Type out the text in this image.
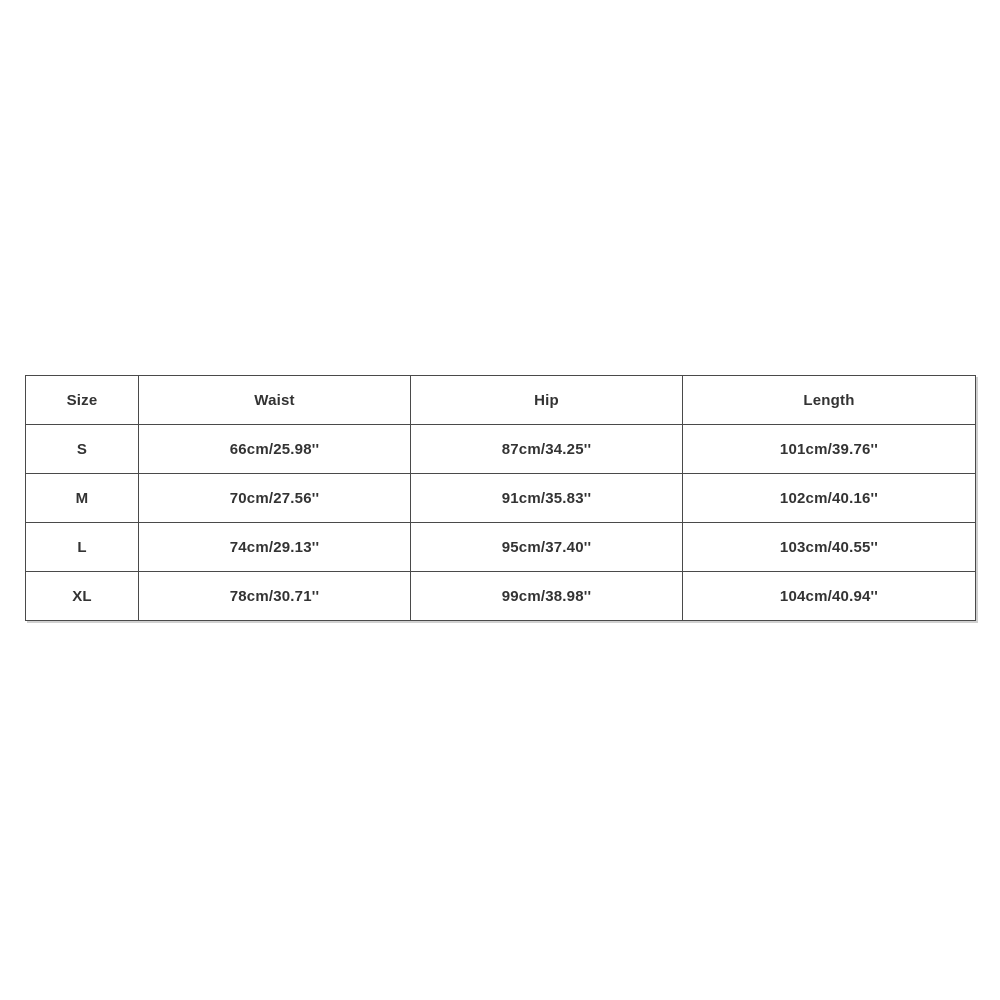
Size	Waist	Hip	Length
S	66cm/25.98''	87cm/34.25''	101cm/39.76''
M	70cm/27.56''	91cm/35.83''	102cm/40.16''
L	74cm/29.13''	95cm/37.40''	103cm/40.55''
XL	78cm/30.71''	99cm/38.98''	104cm/40.94''
